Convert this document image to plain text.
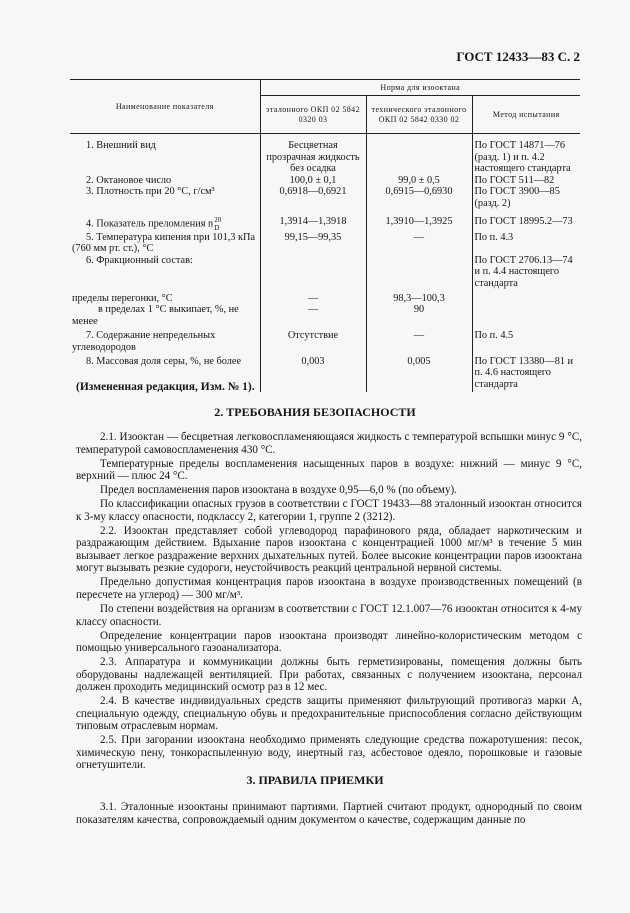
ГОСТ 12433—83 С. 2
Наименование показателя	Норма для изооктана		
	эталонного ОКП 02 5842 0320 03	технического эталонного ОКП 02 5842 0330 02	Метод испытания

1. Внешний вид	Бесцветная прозрачная жидкость без осадка		По ГОСТ 14871—76 (разд. 1) и п. 4.2 настоящего стандарта
2. Октановое число	100,0 ± 0,1	99,0 ± 0,5	По ГОСТ 511—82
3. Плотность при 20 °С, г/см³	0,6918—0,6921	0,6915—0,6930	По ГОСТ 3900—85 (разд. 2)
4. Показатель преломления n 20
D	1,3914—1,3918	1,3910—1,3925	По ГОСТ 18995.2—73
5. Температура кипения при 101,3 кПа (760 мм рт. ст.), °С	99,15—99,35	—	По п. 4.3
6. Фракционный состав:			По ГОСТ 2706.13—74 и п. 4.4 настоящего стандарта
пределы перегонки, °С	—	98,3—100,3	
в пределах 1 °С выкипает, %, не менее	—	90	
7. Содержание непредельных углеводородов	Отсутствие	—	По п. 4.5
8. Массовая доля серы, %, не более	0,003	0,005	По ГОСТ 13380—81 и п. 4.6 настоящего стандарта
(Измененная редакция, Изм. № 1).
2. ТРЕБОВАНИЯ БЕЗОПАСНОСТИ

2.1. Изооктан — бесцветная легковоспламеняющаяся жидкость с температурой вспышки минус 9 °С, температурой самовоспламенения 430 °С.

Температурные пределы воспламенения насыщенных паров в воздухе: нижний — минус 9 °С, верхний — плюс 24 °С.

Предел воспламенения паров изооктана в воздухе 0,95—6,0 % (по объему).

По классификации опасных грузов в соответствии с ГОСТ 19433—88 эталонный изооктан относится к 3-му классу опасности, подклассу 2, категории 1, группе 2 (3212).

2.2. Изооктан представляет собой углеводород парафинового ряда, обладает наркотическим и раздражающим действием. Вдыхание паров изооктана с концентрацией 1000 мг/м³ в течение 5 мин вызывает легкое раздражение верхних дыхательных путей. Более высокие концентрации паров изооктана могут вызывать резкие судороги, неустойчивость реакций центральной нервной системы.

Предельно допустимая концентрация паров изооктана в воздухе производственных помещений (в пересчете на углерод) — 300 мг/м³.

По степени воздействия на организм в соответствии с ГОСТ 12.1.007—76 изооктан относится к 4-му классу опасности.

Определение концентрации паров изооктана производят линейно-колористическим методом с помощью универсального газоанализатора.

2.3. Аппаратура и коммуникации должны быть герметизированы, помещения должны быть оборудованы надлежащей вентиляцией. При работах, связанных с получением изооктана, персонал должен проходить медицинский осмотр раз в 12 мес.

2.4. В качестве индивидуальных средств защиты применяют фильтрующий противогаз марки А, специальную одежду, специальную обувь и предохранительные приспособления согласно действующим типовым отраслевым нормам.

2.5. При загорании изооктана необходимо применять следующие средства пожаротушения: песок, химическую пену, тонкораспыленную воду, инертный газ, асбестовое одеяло, порошковые и газовые огнетушители.

3. ПРАВИЛА ПРИЕМКИ

3.1. Эталонные изооктаны принимают партиями. Партией считают продукт, однородный по своим показателям качества, сопровождаемый одним документом о качестве, содержащим данные по
